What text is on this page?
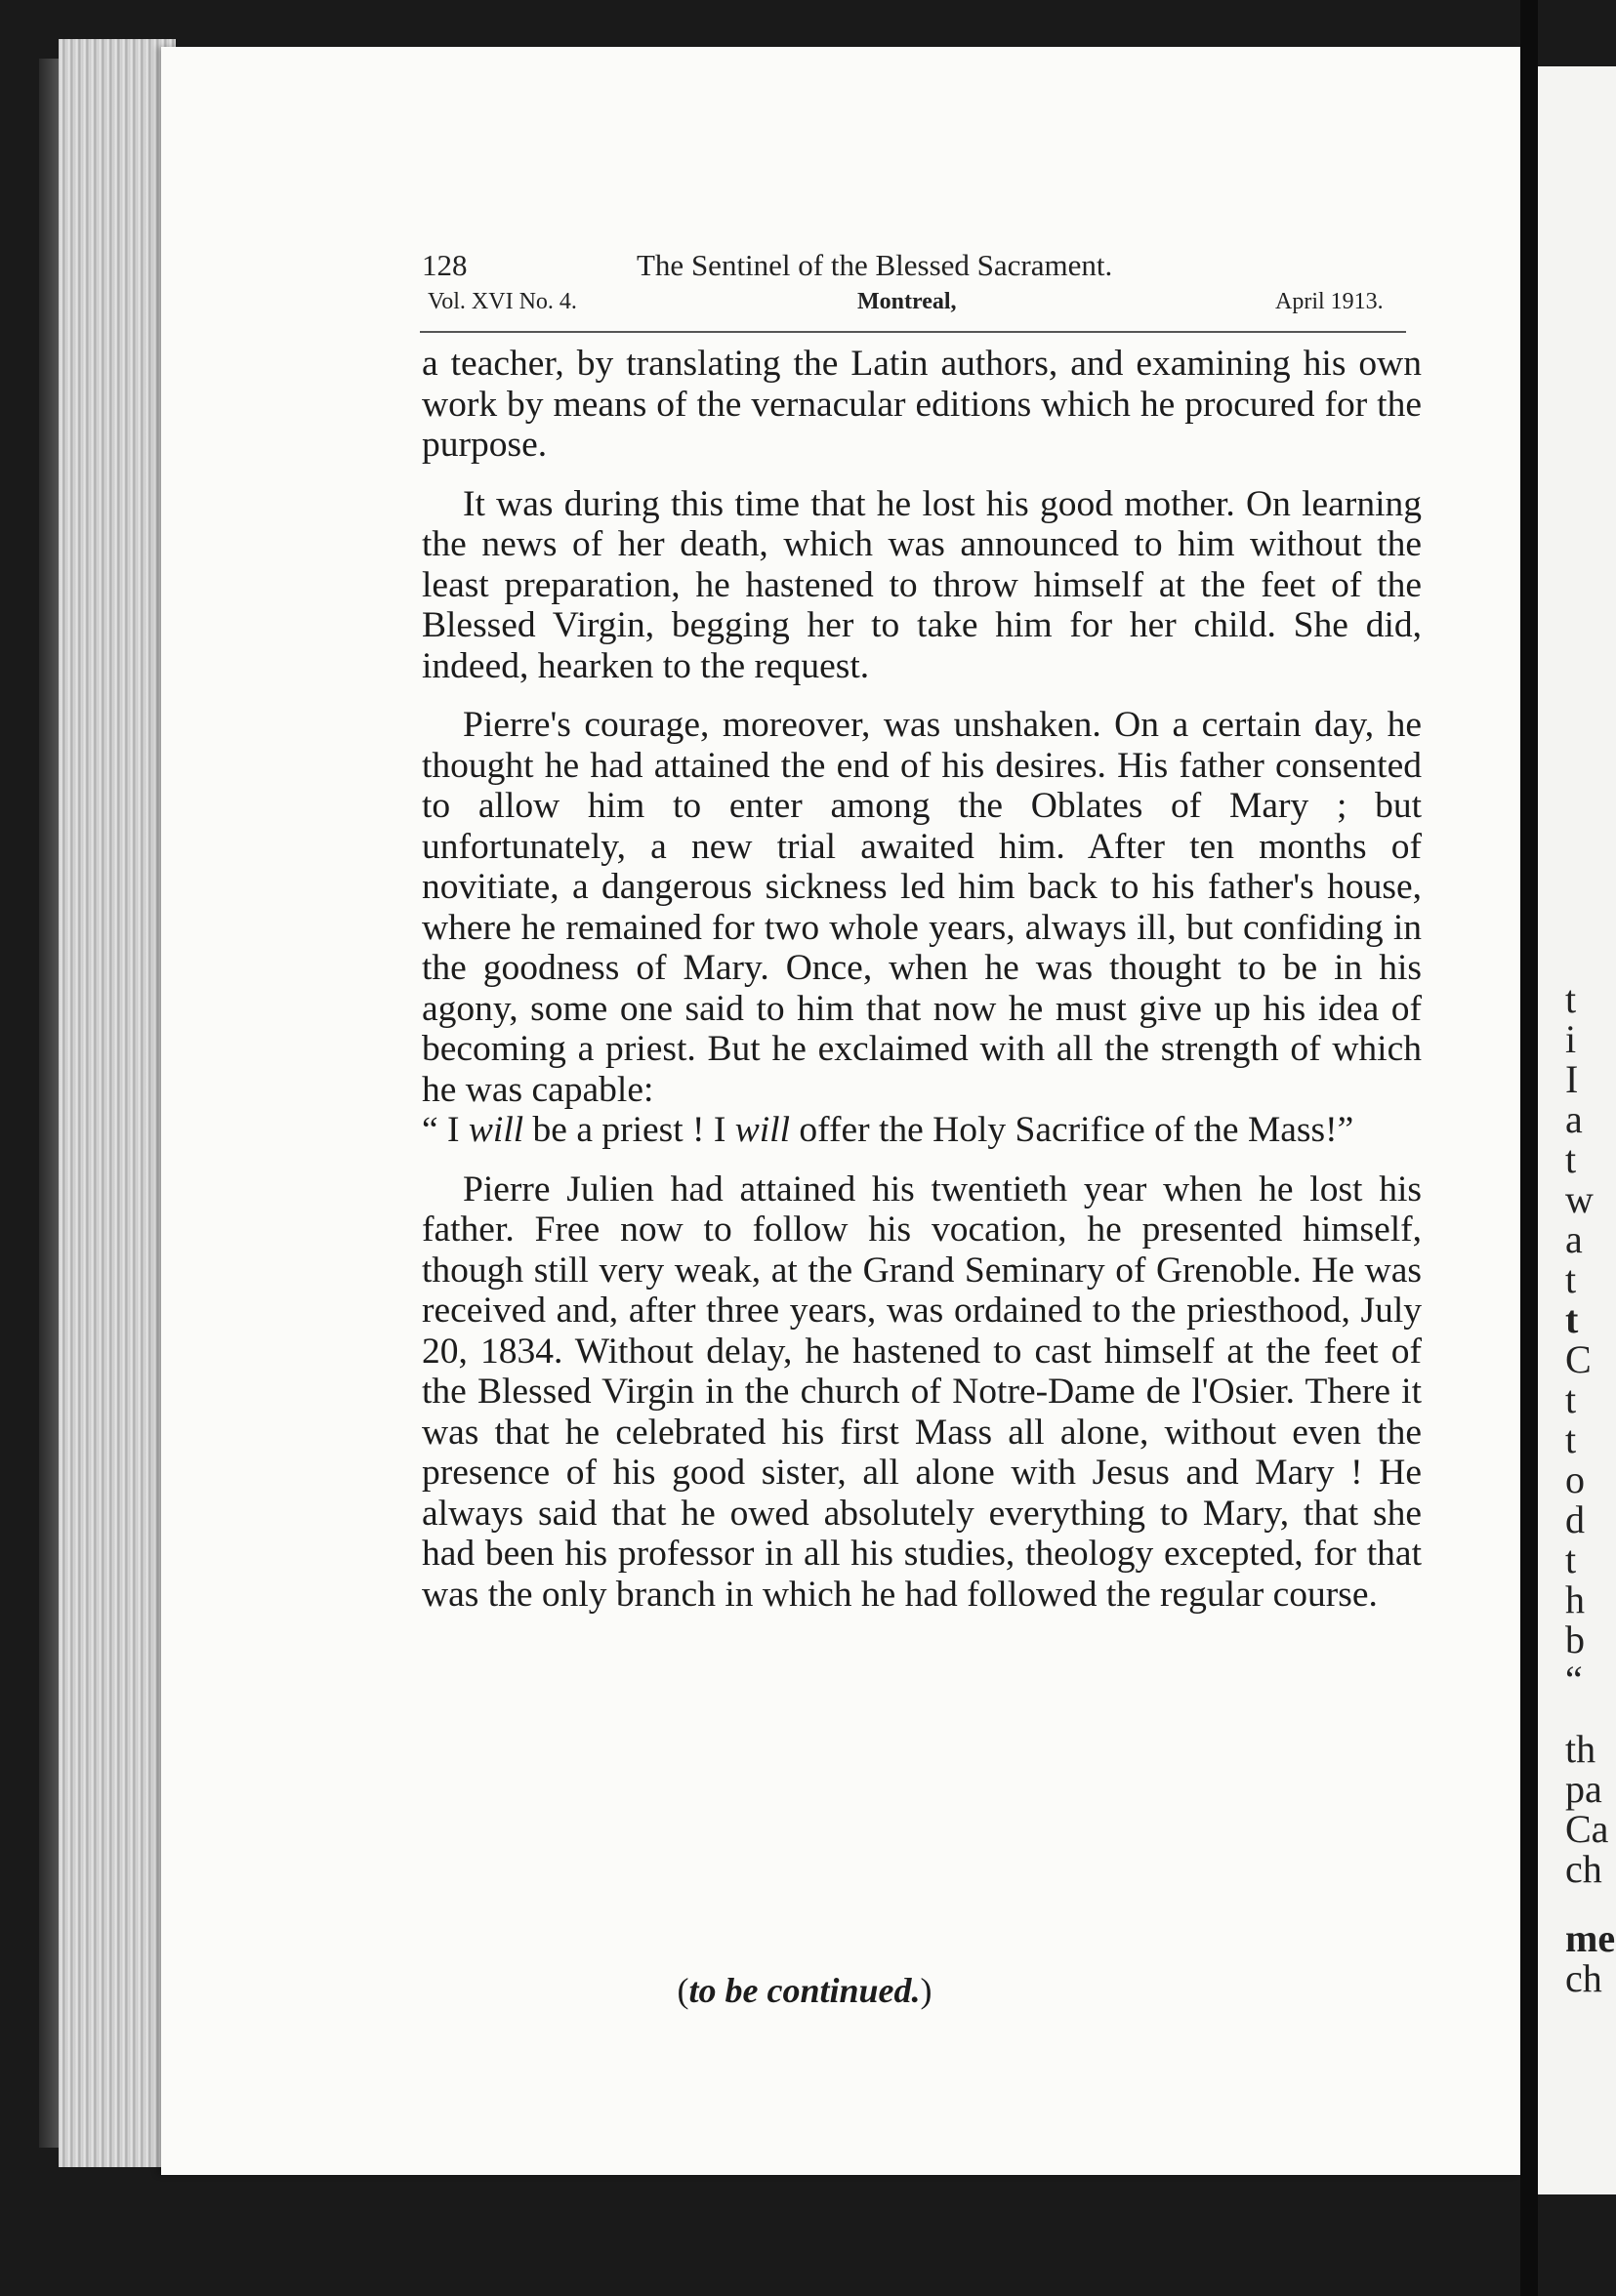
t
i
I
a
t
w
a
t
t
C
t
t
o
d
t
h
b
“
th
pa
Ca
ch
me
ch
128	The Sentinel of the Blessed Sacrament.
Vol. XVI No. 4.	Montreal,	April 1913.

a teacher, by translating the Latin authors, and examining his own work by means of the vernacular editions which he procured for the purpose.

It was during this time that he lost his good mother. On learning the news of her death, which was announced to him without the least preparation, he hastened to throw himself at the feet of the Blessed Virgin, begging her to take him for her child. She did, indeed, hearken to the request.

Pierre's courage, moreover, was unshaken. On a certain day, he thought he had attained the end of his desires. His father consented to allow him to enter among the Oblates of Mary ; but unfortunately, a new trial awaited him. After ten months of novitiate, a dangerous sickness led him back to his father's house, where he remained for two whole years, always ill, but confiding in the goodness of Mary. Once, when he was thought to be in his agony, some one said to him that now he must give up his idea of becoming a priest. But he exclaimed with all the strength of which he was capable:
“ I will be a priest ! I will offer the Holy Sacrifice of the Mass!”

Pierre Julien had attained his twentieth year when he lost his father. Free now to follow his vocation, he presented himself, though still very weak, at the Grand Seminary of Grenoble. He was received and, after three years, was ordained to the priesthood, July 20, 1834. Without delay, he hastened to cast himself at the feet of the Blessed Virgin in the church of Notre-Dame de l'Osier. There it was that he celebrated his first Mass all alone, without even the presence of his good sister, all alone with Jesus and Mary ! He always said that he owed absolutely everything to Mary, that she had been his professor in all his studies, theology excepted, for that was the only branch in which he had followed the regular course.

(to be continued.)
